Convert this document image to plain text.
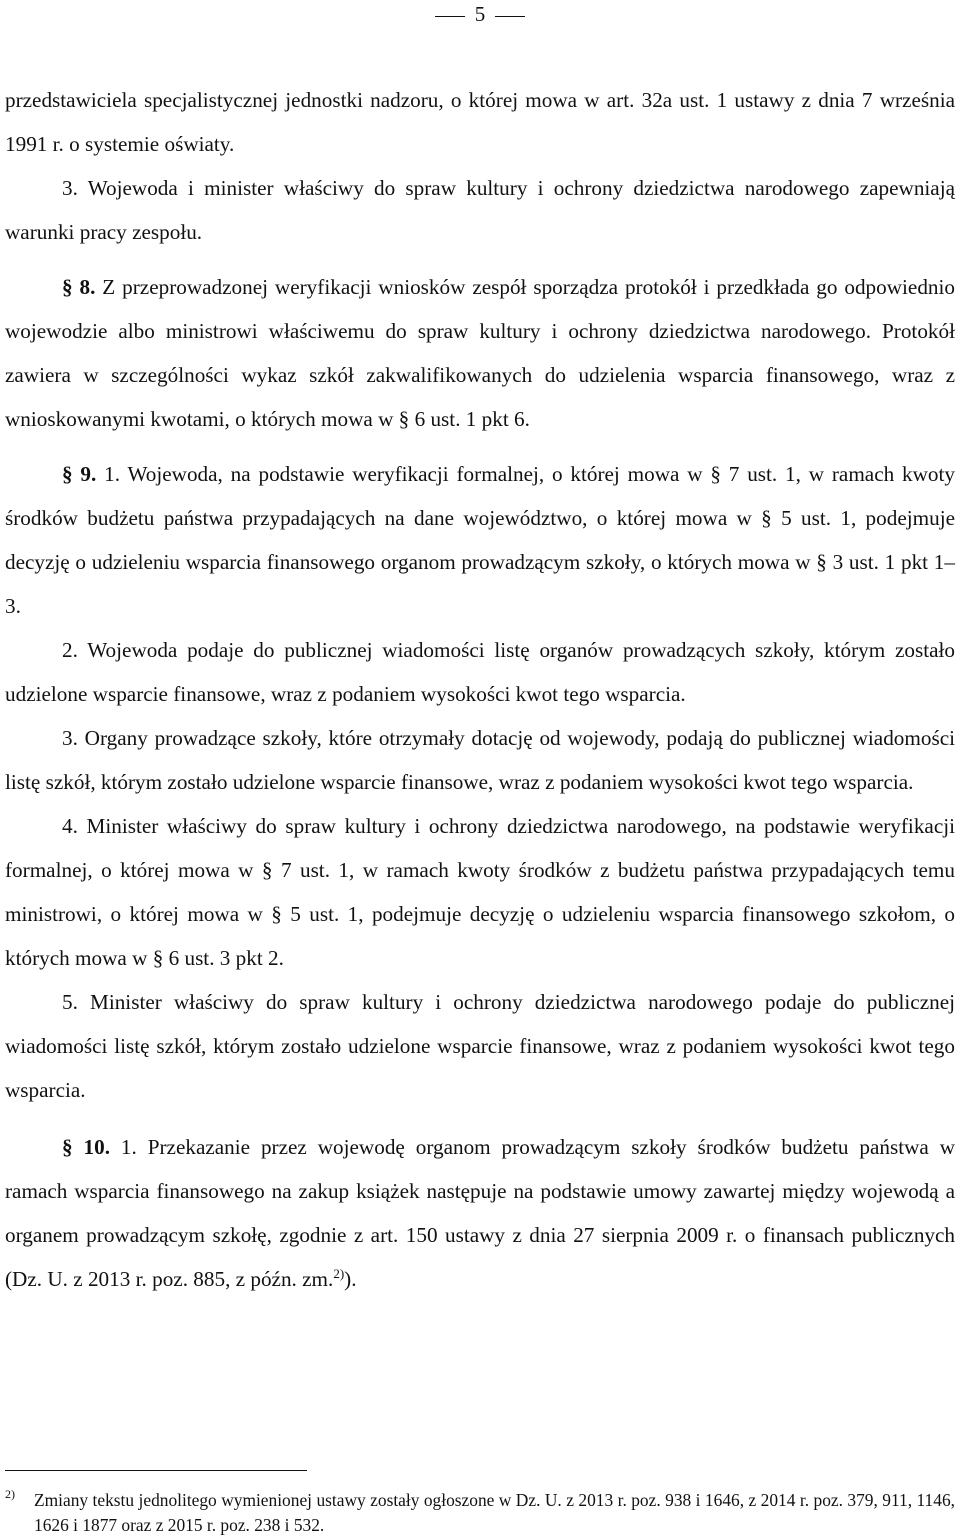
5

przedstawiciela specjalistycznej jednostki nadzoru, o której mowa w art. 32a ust. 1 ustawy z dnia 7 września 1991 r. o systemie oświaty.

3. Wojewoda i minister właściwy do spraw kultury i ochrony dziedzictwa narodowego zapewniają warunki pracy zespołu.

§ 8. Z przeprowadzonej weryfikacji wniosków zespół sporządza protokół i przedkłada go odpowiednio wojewodzie albo ministrowi właściwemu do spraw kultury i ochrony dziedzictwa narodowego. Protokół zawiera w szczególności wykaz szkół zakwalifikowanych do udzielenia wsparcia finansowego, wraz z wnioskowanymi kwotami, o których mowa w § 6 ust. 1 pkt 6.

§ 9. 1. Wojewoda, na podstawie weryfikacji formalnej, o której mowa w § 7 ust. 1, w ramach kwoty środków budżetu państwa przypadających na dane województwo, o której mowa w § 5 ust. 1, podejmuje decyzję o udzieleniu wsparcia finansowego organom prowadzącym szkoły, o których mowa w § 3 ust. 1 pkt 1–3.

2. Wojewoda podaje do publicznej wiadomości listę organów prowadzących szkoły, którym zostało udzielone wsparcie finansowe, wraz z podaniem wysokości kwot tego wsparcia.

3. Organy prowadzące szkoły, które otrzymały dotację od wojewody, podają do publicznej wiadomości listę szkół, którym zostało udzielone wsparcie finansowe, wraz z podaniem wysokości kwot tego wsparcia.

4. Minister właściwy do spraw kultury i ochrony dziedzictwa narodowego, na podstawie weryfikacji formalnej, o której mowa w § 7 ust. 1, w ramach kwoty środków z budżetu państwa przypadających temu ministrowi, o której mowa w § 5 ust. 1, podejmuje decyzję o udzieleniu wsparcia finansowego szkołom, o których mowa w § 6 ust. 3 pkt 2.

5. Minister właściwy do spraw kultury i ochrony dziedzictwa narodowego podaje do publicznej wiadomości listę szkół, którym zostało udzielone wsparcie finansowe, wraz z podaniem wysokości kwot tego wsparcia.

§ 10. 1. Przekazanie przez wojewodę organom prowadzącym szkoły środków budżetu państwa w ramach wsparcia finansowego na zakup książek następuje na podstawie umowy zawartej między wojewodą a organem prowadzącym szkołę, zgodnie z art. 150 ustawy z dnia 27 sierpnia 2009 r. o finansach publicznych (Dz. U. z 2013 r. poz. 885, z późn. zm.$^{2)}$).

2) Zmiany tekstu jednolitego wymienionej ustawy zostały ogłoszone w Dz. U. z 2013 r. poz. 938 i 1646, z 2014 r. poz. 379, 911, 1146, 1626 i 1877 oraz z 2015 r. poz. 238 i 532.
